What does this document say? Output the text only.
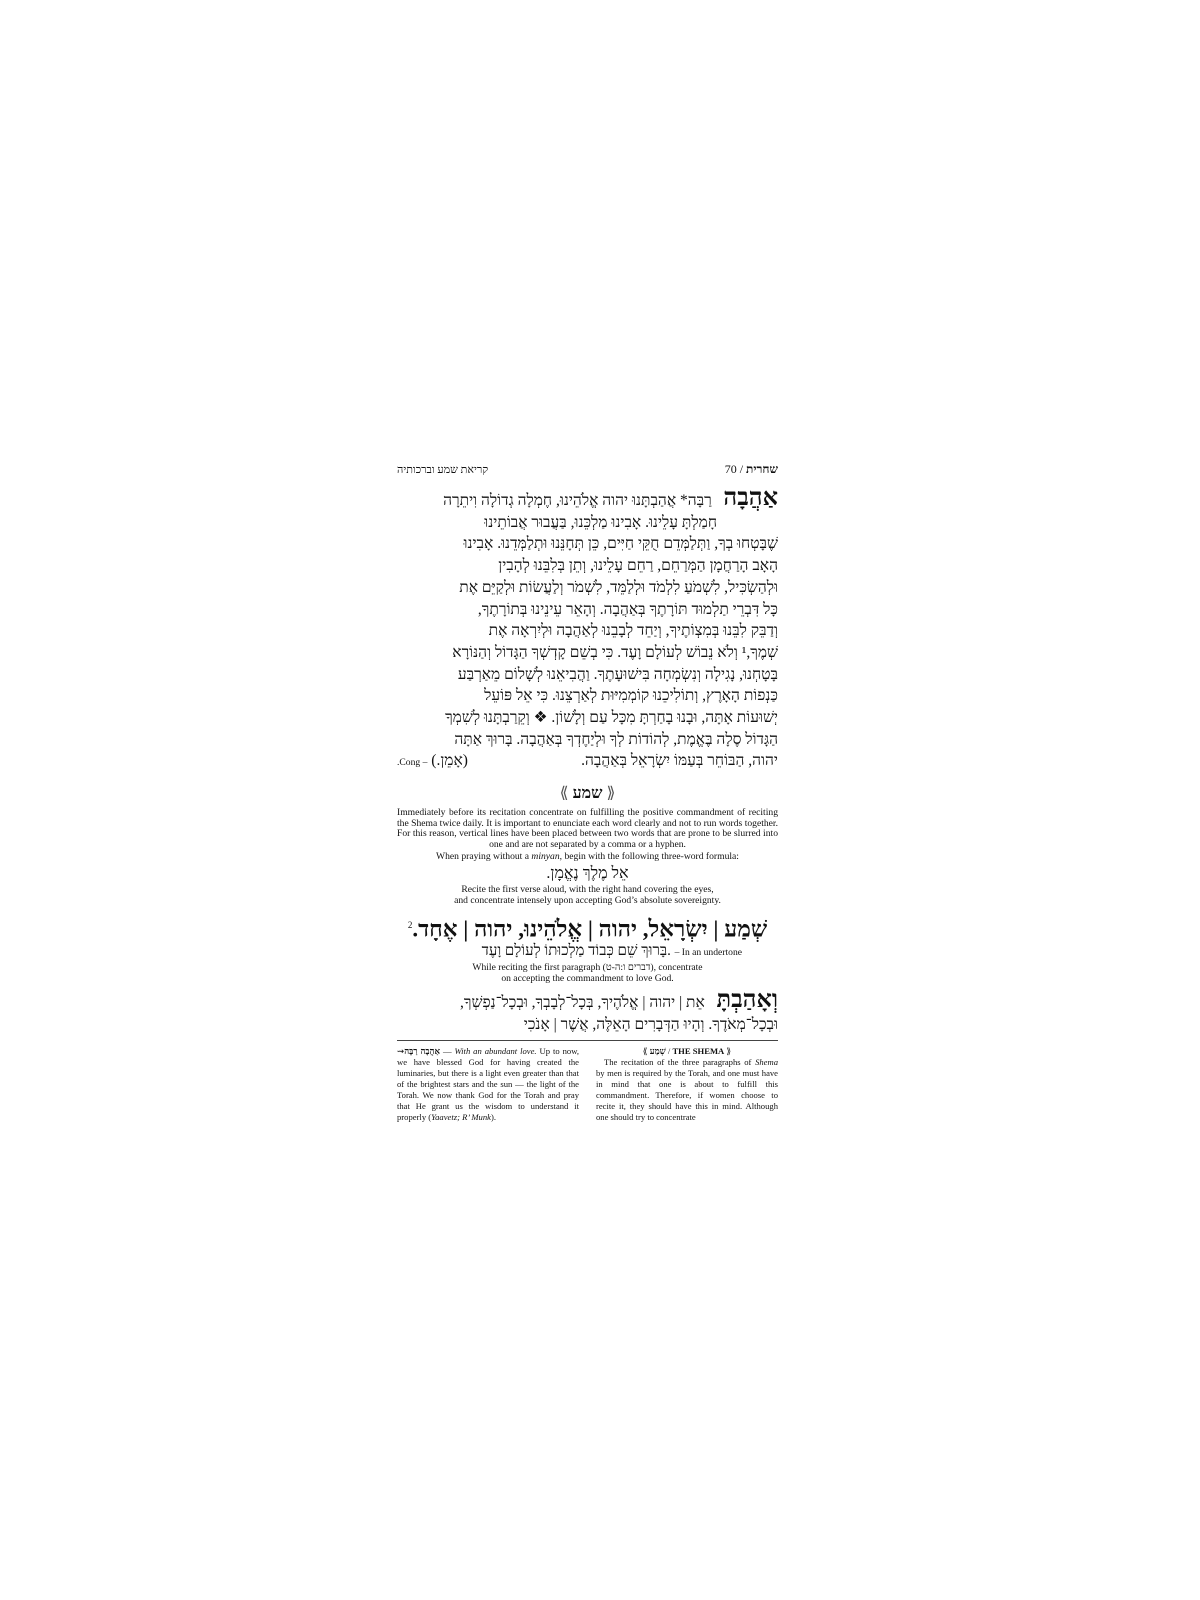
קריאת שמע וברכותיה	70 / שחרית
אַהֲבָה   רַבָּה* אֲהַבְתָּנוּ יהוה אֱלֹהֵינוּ, חֶמְלָה גְדוֹלָה וִיתֵרָה
חָמַלְתָּ עָלֵינוּ. אָבִינוּ מַלְכֵּנוּ, בַּעֲבוּר אֲבוֹתֵינוּ
שֶׁבָּטְחוּ בְךָ, וַתְּלַמְּדֵם חֻקֵּי חַיִּים, כֵּן תְּחָנֵּנוּ וּתְלַמְּדֵנוּ. אָבִינוּ
הָאָב הָרַחֲמָן הַמְּרַחֵם, רַחֵם עָלֵינוּ, וְתֵן בְּלִבֵּנוּ לְהָבִין
וּלְהַשְׂכִּיל, לִשְׁמֹעַ לִלְמֹד וּלְלַמֵּד, לִשְׁמֹר וְלַעֲשׂוֹת וּלְקַיֵּם אֶת
כָּל דִּבְרֵי תַלְמוּד תּוֹרָתֶךָ בְּאַהֲבָה. וְהָאֵר עֵינֵינוּ בְּתוֹרָתֶךָ,
וְדַבֵּק לִבֵּנוּ בְּמִצְוֹתֶיךָ, וְיַחֵד לְבָבֵנוּ לְאַהֲבָה וּלְיִרְאָה אֶת
שְׁמֶךָ,¹ וְלֹא נֵבוֹשׁ לְעוֹלָם וָעֶד. כִּי בְשֵׁם קָדְשְׁךָ הַגָּדוֹל וְהַנּוֹרָא
בָּטָחְנוּ, נָגִילָה וְנִשְׂמְחָה בִּישׁוּעָתֶךָ. וַהֲבִיאֵנוּ לְשָׁלוֹם מֵאַרְבַּע
כַּנְפוֹת הָאָרֶץ, וְתוֹלִיכֵנוּ קוֹמְמִיּוּת לְאַרְצֵנוּ. כִּי אֵל פּוֹעֵל
יְשׁוּעוֹת אָתָּה, וּבָנוּ בָחַרְתָּ מִכָּל עַם וְלָשׁוֹן. ❖ וְקֵרַבְתָּנוּ לְשִׁמְךָ
הַגָּדוֹל סֶלָה בֶּאֱמֶת, לְהוֹדוֹת לְךָ וּלְיַחֶדְךָ בְּאַהֲבָה. בָּרוּךְ אַתָּה
יהוה, הַבּוֹחֵר בְּעַמּוֹ יִשְׂרָאֵל בְּאַהֲבָה.
(אָמֵן.) – Cong.
⟪ שמע ⟫
Immediately before its recitation concentrate on fulfilling the positive commandment of reciting the Shema twice daily. It is important to enunciate each word clearly and not to run words together. For this reason, vertical lines have been placed between two words that are prone to be slurred into one and are not separated by a comma or a hyphen.
When praying without a minyan, begin with the following three-word formula:
אֵל מֶלֶךְ נֶאֱמָן.
Recite the first verse aloud, with the right hand covering the eyes,
and concentrate intensely upon accepting God’s absolute sovereignty.
שְׁמַע | יִשְׂרָאֵל, יהוה | אֱלֹהֵינוּ, יהוה | אֶחָד.$^2$
בָּרוּךְ שֵׁם כְּבוֹד מַלְכוּתוֹ לְעוֹלָם וָעֶד. – In an undertone
While reciting the first paragraph (דברים ו:ה-ט), concentrate
on accepting the commandment to love God.
וְאָהַבְתָּ   אֵת | יהוה | אֱלֹהֶיךָ, בְּכָל־לְבָבְךָ, וּבְכָל־נַפְשְׁךָ,
וּבְכָל־מְאֹדֶךָ. וְהָיוּ הַדְּבָרִים הָאֵלֶּה, אֲשֶׁר | אָנֹכִי
⇝אַהֲבָה רַבָּה — With an abundant love. Up to now, we have blessed God for having created the luminaries, but there is a light even greater than that of the brightest stars and the sun — the light of the Torah. We now thank God for the Torah and pray that He grant us the wisdom to understand it properly (Yaavetz; R’ Munk).
⟪ שְׁמַע / THE SHEMA ⟫
The recitation of the three paragraphs of Shema by men is required by the Torah, and one must have in mind that one is about to fulfill this commandment. Therefore, if women choose to recite it, they should have this in mind. Although one should try to concentrate
